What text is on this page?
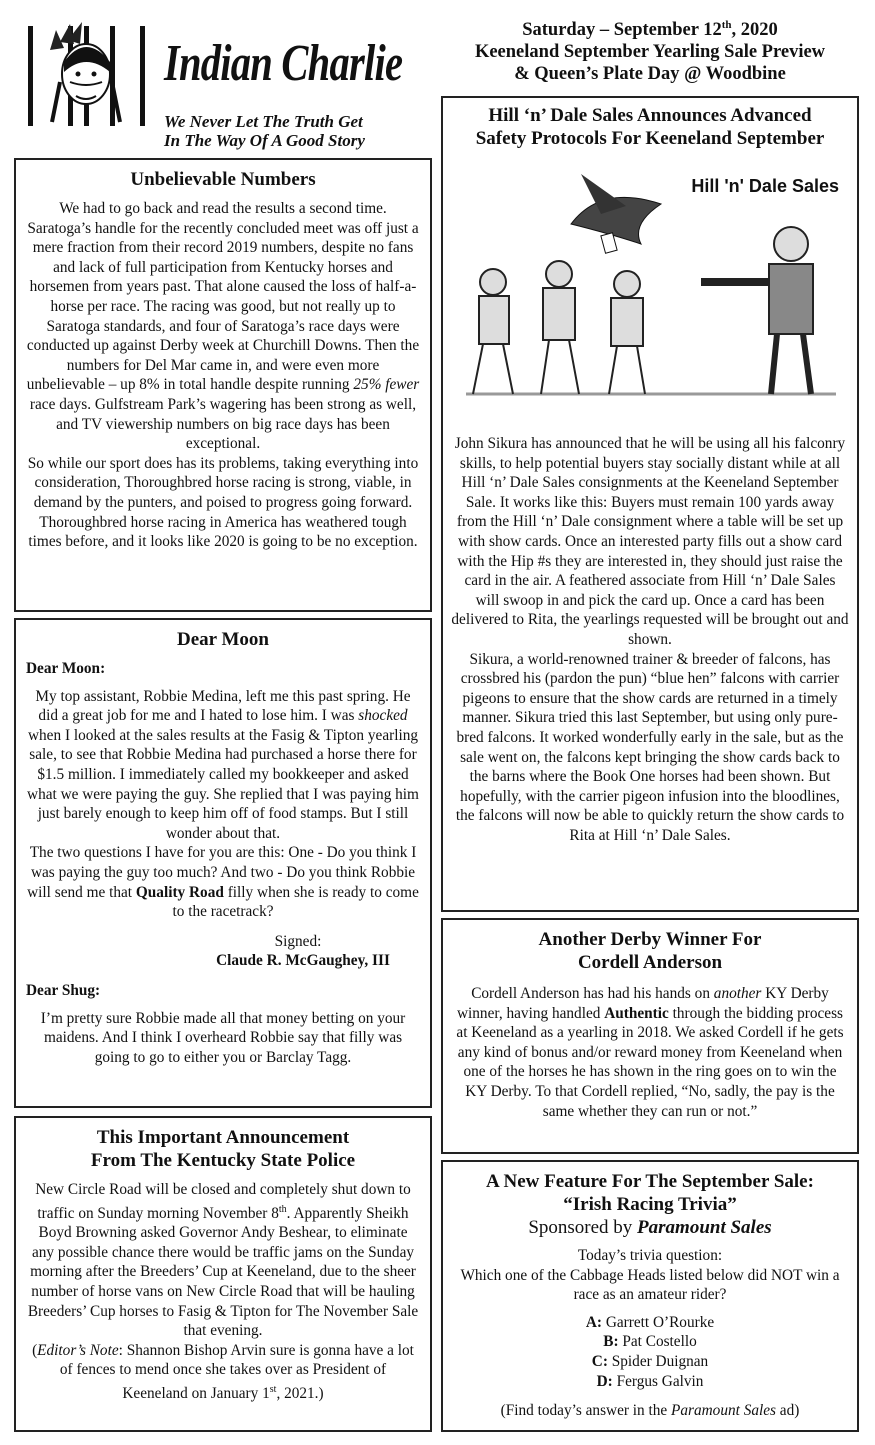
Indian Charlie
We Never Let The Truth Get
In The Way Of A Good Story
Saturday – September 12th, 2020
Keeneland September Yearling Sale Preview
& Queen’s Plate Day @ Woodbine
Unbelievable Numbers

We had to go back and read the results a second time. Saratoga’s handle for the recently concluded meet was off just a mere fraction from their record 2019 numbers, despite no fans and lack of full participation from Kentucky horses and horsemen from years past. That alone caused the loss of half-a-horse per race. The racing was good, but not really up to Saratoga standards, and four of Saratoga’s race days were conducted up against Derby week at Churchill Downs. Then the numbers for Del Mar came in, and were even more unbelievable – up 8% in total handle despite running 25% fewer race days. Gulfstream Park’s wagering has been strong as well, and TV viewership numbers on big race days has been exceptional.

So while our sport does has its problems, taking everything into consideration, Thoroughbred horse racing is strong, viable, in demand by the punters, and poised to progress going forward. Thoroughbred horse racing in America has weathered tough times before, and it looks like 2020 is going to be no exception.

Dear Moon
Dear Moon:

My top assistant, Robbie Medina, left me this past spring. He did a great job for me and I hated to lose him. I was shocked when I looked at the sales results at the Fasig & Tipton yearling sale, to see that Robbie Medina had purchased a horse there for $1.5 million. I immediately called my bookkeeper and asked what we were paying the guy. She replied that I was paying him just barely enough to keep him off of food stamps. But I still wonder about that.

The two questions I have for you are this: One - Do you think I was paying the guy too much? And two - Do you think Robbie will send me that Quality Road filly when she is ready to come to the racetrack?

Signed:

Claude R. McGaughey, III

Dear Shug:
I’m pretty sure Robbie made all that money betting on your maidens. And I think I overheard Robbie say that filly was going to go to either you or Barclay Tagg.
This Important Announcement
From The Kentucky State Police

New Circle Road will be closed and completely shut down to traffic on Sunday morning November 8th. Apparently Sheikh Boyd Browning asked Governor Andy Beshear, to eliminate any possible chance there would be traffic jams on the Sunday morning after the Breeders’ Cup at Keeneland, due to the sheer number of horse vans on New Circle Road that will be hauling Breeders’ Cup horses to Fasig & Tipton for The November Sale that evening.

(Editor’s Note: Shannon Bishop Arvin sure is gonna have a lot of fences to mend once she takes over as President of Keeneland on January 1st, 2021.)

Hill ‘n’ Dale Sales Announces Advanced
Safety Protocols For Keeneland September
Hill 'n' Dale Sales

John Sikura has announced that he will be using all his falconry skills, to help potential buyers stay socially distant while at all Hill ‘n’ Dale Sales consignments at the Keeneland September Sale. It works like this: Buyers must remain 100 yards away from the Hill ‘n’ Dale consignment where a table will be set up with show cards. Once an interested party fills out a show card with the Hip #s they are interested in, they should just raise the card in the air. A feathered associate from Hill ‘n’ Dale Sales will swoop in and pick the card up. Once a card has been delivered to Rita, the yearlings requested will be brought out and shown.

Sikura, a world-renowned trainer & breeder of falcons, has crossbred his (pardon the pun) “blue hen” falcons with carrier pigeons to ensure that the show cards are returned in a timely manner. Sikura tried this last September, but using only pure-bred falcons. It worked wonderfully early in the sale, but as the sale went on, the falcons kept bringing the show cards back to the barns where the Book One horses had been shown. But hopefully, with the carrier pigeon infusion into the bloodlines, the falcons will now be able to quickly return the show cards to Rita at Hill ‘n’ Dale Sales.

Another Derby Winner For
Cordell Anderson

Cordell Anderson has had his hands on another KY Derby winner, having handled Authentic through the bidding process at Keeneland as a yearling in 2018. We asked Cordell if he gets any kind of bonus and/or reward money from Keeneland when one of the horses he has shown in the ring goes on to win the KY Derby. To that Cordell replied, “No, sadly, the pay is the same whether they can run or not.”

A New Feature For The September Sale:
“Irish Racing Trivia”
Sponsored by Paramount Sales

Today’s trivia question:

Which one of the Cabbage Heads listed below did NOT win a race as an amateur rider?

A: Garrett O’Rourke

B: Pat Costello

C: Spider Duignan

D: Fergus Galvin

(Find today’s answer in the Paramount Sales ad)
